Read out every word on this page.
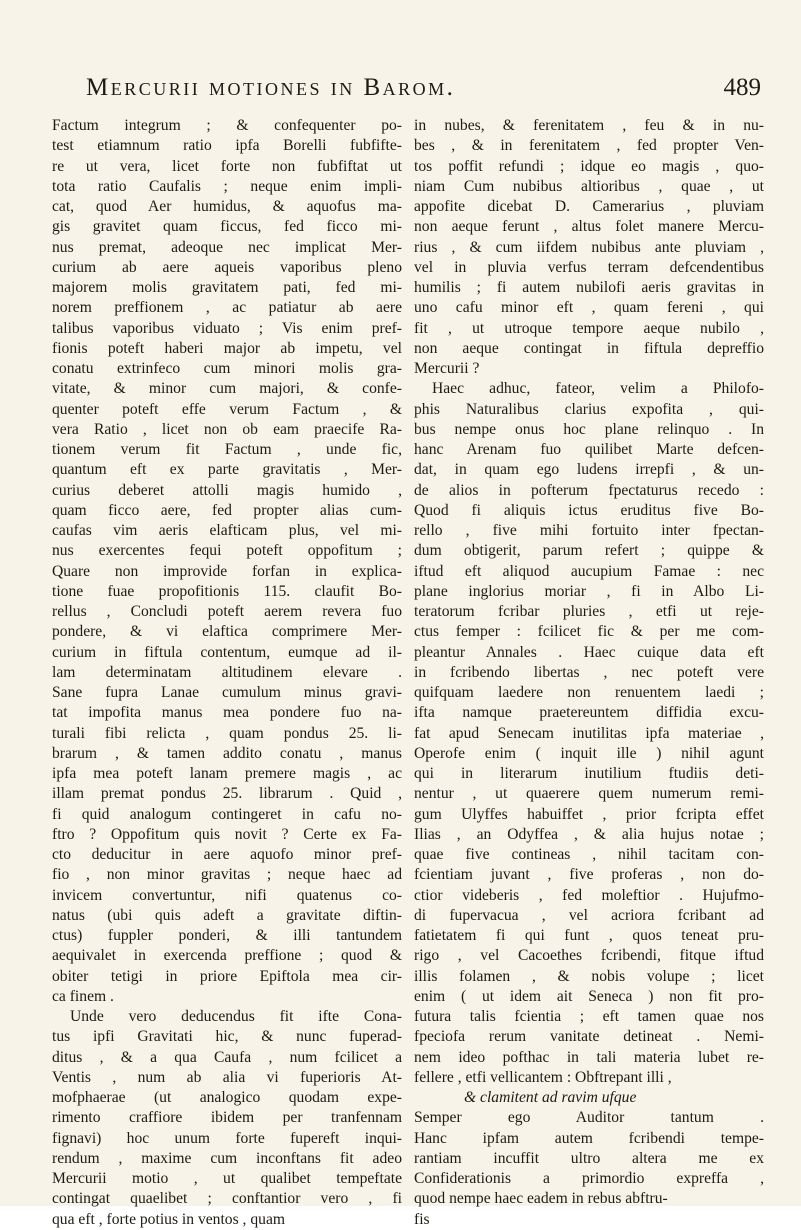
Mercurii motiones in Barom.	489
Factum integrum ; & confequenter po-
test etiamnum ratio ipfa Borelli fubfifte-
re ut vera, licet forte non fubfiftat ut
tota ratio Caufalis ; neque enim impli-
cat, quod Aer humidus, & aquofus ma-
gis gravitet quam ficcus, fed ficco mi-
nus premat, adeoque nec implicat Mer-
curium ab aere aqueis vaporibus pleno
majorem molis gravitatem pati, fed mi-
norem preffionem , ac patiatur ab aere
talibus vaporibus viduato ; Vis enim pref-
fionis poteft haberi major ab impetu, vel
conatu extrinfeco cum minori molis gra-
vitate, & minor cum majori, & confe-
quenter poteft effe verum Factum , &
vera Ratio , licet non ob eam praecife Ra-
tionem verum fit Factum , unde fic,
quantum eft ex parte gravitatis , Mer-
curius deberet attolli magis humido ,
quam ficco aere, fed propter alias cum-
caufas vim aeris elafticam plus, vel mi-
nus exercentes fequi poteft oppofitum ;
Quare non improvide forfan in explica-
tione fuae propofitionis 115. claufit Bo-
rellus , Concludi poteft aerem revera fuo
pondere, & vi elaftica comprimere Mer-
curium in fiftula contentum, eumque ad il-
lam determinatam altitudinem elevare .
Sane fupra Lanae cumulum minus gravi-
tat impofita manus mea pondere fuo na-
turali fibi relicta , quam pondus 25. li-
brarum , & tamen addito conatu , manus
ipfa mea poteft lanam premere magis , ac
illam premat pondus 25. librarum . Quid ,
fi quid analogum contingeret in cafu no-
ftro ? Oppofitum quis novit ? Certe ex Fa-
cto deducitur in aere aquofo minor pref-
fio , non minor gravitas ; neque haec ad
invicem convertuntur, nifi quatenus co-
natus (ubi quis adeft a gravitate diftin-
ctus) fuppler ponderi, & illi tantundem
aequivalet in exercenda preffione ; quod &
obiter tetigi in priore Epiftola mea cir-
ca finem .
Unde vero deducendus fit ifte Cona-
tus ipfi Gravitati hic, & nunc fuperad-
ditus , & a qua Caufa , num fcilicet a
Ventis , num ab alia vi fuperioris At-
mofphaerae (ut analogico quodam expe-
rimento craffiore ibidem per tranfennam
fignavi) hoc unum forte fupereft inqui-
rendum , maxime cum inconftans fit adeo
Mercurii motio , ut qualibet tempeftate
contingat quaelibet ; conftantior vero , fi
qua eft , forte potius in ventos , quam
in nubes, & ferenitatem , feu & in nu-
bes , & in ferenitatem , fed propter Ven-
tos poffit refundi ; idque eo magis , quo-
niam Cum nubibus altioribus , quae , ut
appofite dicebat D. Camerarius , pluviam
non aeque ferunt , altus folet manere Mercu-
rius , & cum iifdem nubibus ante pluviam ,
vel in pluvia verfus terram defcendentibus
humilis ; fi autem nubilofi aeris gravitas in
uno cafu minor eft , quam fereni , qui
fit , ut utroque tempore aeque nubilo ,
non aeque contingat in fiftula depreffio
Mercurii ?
Haec adhuc, fateor, velim a Philofo-
phis Naturalibus clarius expofita , qui-
bus nempe onus hoc plane relinquo . In
hanc Arenam fuo quilibet Marte defcen-
dat, in quam ego ludens irrepfi , & un-
de alios in pofterum fpectaturus recedo :
Quod fi aliquis ictus eruditus five Bo-
rello , five mihi fortuito inter fpectan-
dum obtigerit, parum refert ; quippe &
iftud eft aliquod aucupium Famae : nec
plane inglorius moriar , fi in Albo Li-
teratorum fcribar pluries , etfi ut reje-
ctus femper : fcilicet fic & per me com-
pleantur Annales . Haec cuique data eft
in fcribendo libertas , nec poteft vere
quifquam laedere non renuentem laedi ;
ifta namque praetereuntem diffidia excu-
fat apud Senecam inutilitas ipfa materiae ,
Operofe enim ( inquit ille ) nihil agunt
qui in literarum inutilium ftudiis deti-
nentur , ut quaerere quem numerum remi-
gum Ulyffes habuiffet , prior fcripta effet
Ilias , an Odyffea , & alia hujus notae ;
quae five contineas , nihil tacitam con-
fcientiam juvant , five proferas , non do-
ctior videberis , fed moleftior . Hujufmo-
di fupervacua , vel acriora fcribant ad
fatietatem fi qui funt , quos teneat pru-
rigo , vel Cacoethes fcribendi, fitque iftud
illis folamen , & nobis volupe ; licet
enim ( ut idem ait Seneca ) non fit pro-
futura talis fcientia ; eft tamen quae nos
fpeciofa rerum vanitate detineat . Nemi-
nem ideo pofthac in tali materia lubet re-
fellere , etfi vellicantem : Obftrepant illi ,
& clamitent ad ravim ufque
Semper ego Auditor tantum .
Hanc ipfam autem fcribendi tempe-
rantiam incuffit ultro altera me ex
Confiderationis a primordio expreffa ,
quod nempe haec eadem in rebus abftru-
fis
